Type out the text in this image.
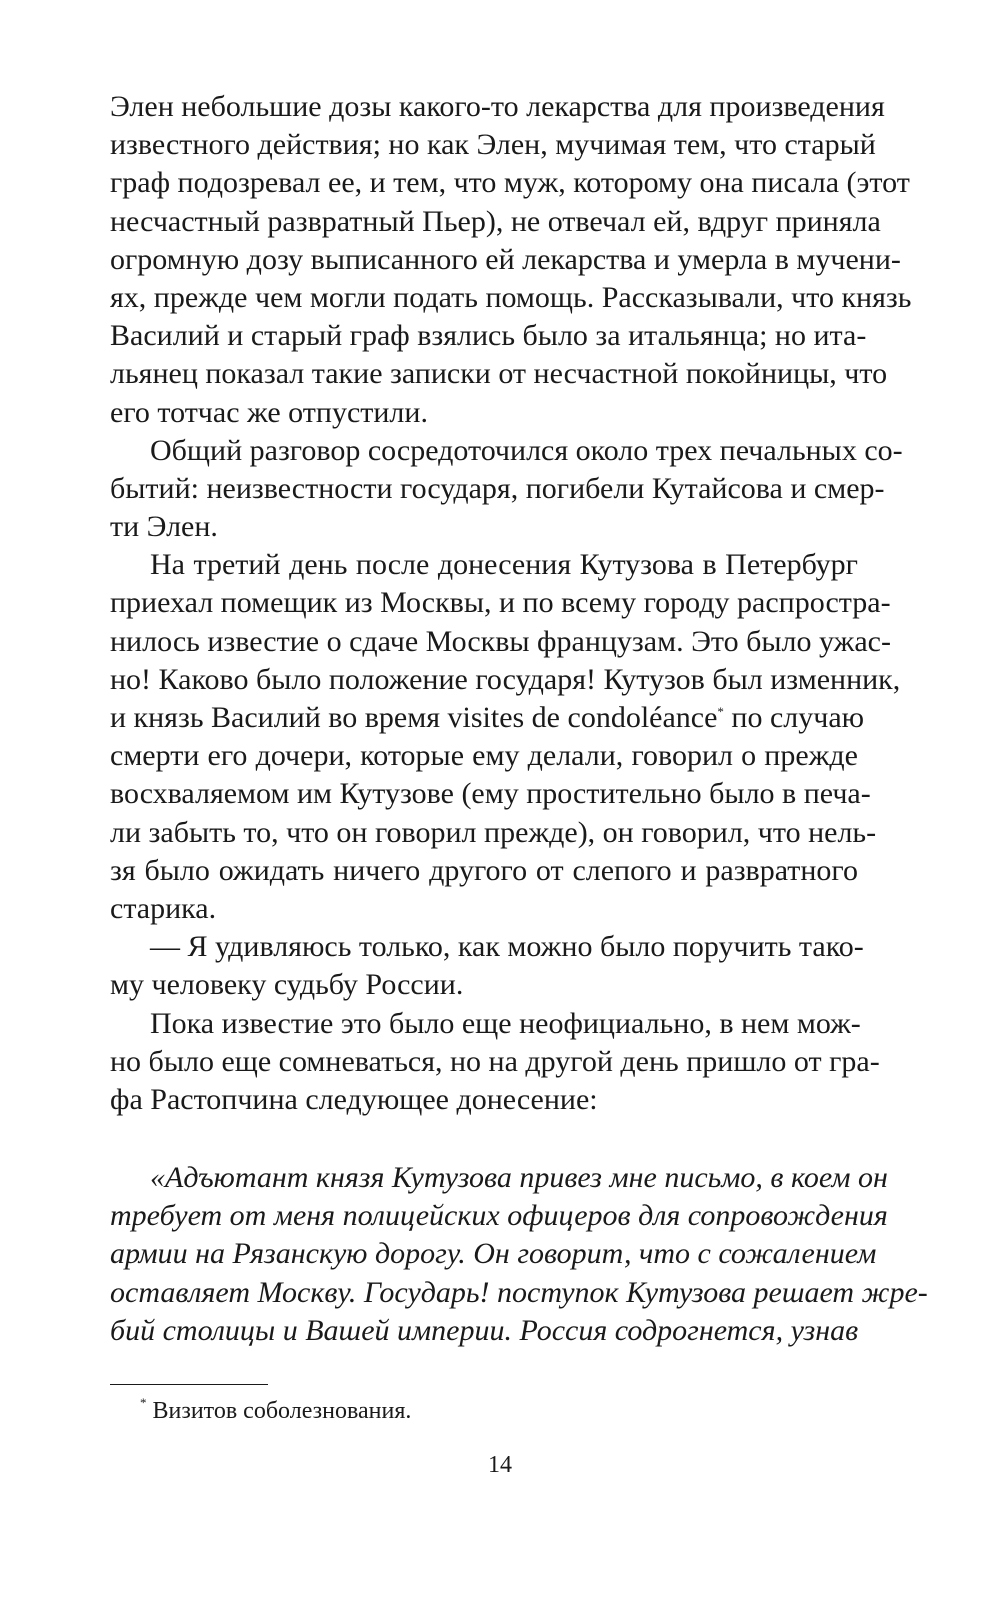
Элен небольшие дозы какого-то лекарства для произведения
известного действия; но как Элен, мучимая тем, что старый
граф подозревал ее, и тем, что муж, которому она писала (этот
несчастный развратный Пьер), не отвечал ей, вдруг приняла
огромную дозу выписанного ей лекарства и умерла в мучени-
ях, прежде чем могли подать помощь. Рассказывали, что князь
Василий и старый граф взялись было за итальянца; но ита-
льянец показал такие записки от несчастной покойницы, что
его тотчас же отпустили.
Общий разговор сосредоточился около трех печальных со-
бытий: неизвестности государя, погибели Кутайсова и смер-
ти Элен.
На третий день после донесения Кутузова в Петербург
приехал помещик из Москвы, и по всему городу распростра-
нилось известие о сдаче Москвы французам. Это было ужас-
но! Каково было положение государя! Кутузов был изменник,
и князь Василий во время visites de condoléance* по случаю
смерти его дочери, которые ему делали, говорил о прежде
восхваляемом им Кутузове (ему простительно было в печа-
ли забыть то, что он говорил прежде), он говорил, что нель-
зя было ожидать ничего другого от слепого и развратного
старика.
— Я удивляюсь только, как можно было поручить тако-
му человеку судьбу России.
Пока известие это было еще неофициально, в нем мож-
но было еще сомневаться, но на другой день пришло от гра-
фа Растопчина следующее донесение:
«Адъютант князя Кутузова привез мне письмо, в коем он
требует от меня полицейских офицеров для сопровождения
армии на Рязанскую дорогу. Он говорит, что с сожалением
оставляет Москву. Государь! поступок Кутузова решает жре-
бий столицы и Вашей империи. Россия содрогнется, узнав
* Визитов соболезнования.
14
